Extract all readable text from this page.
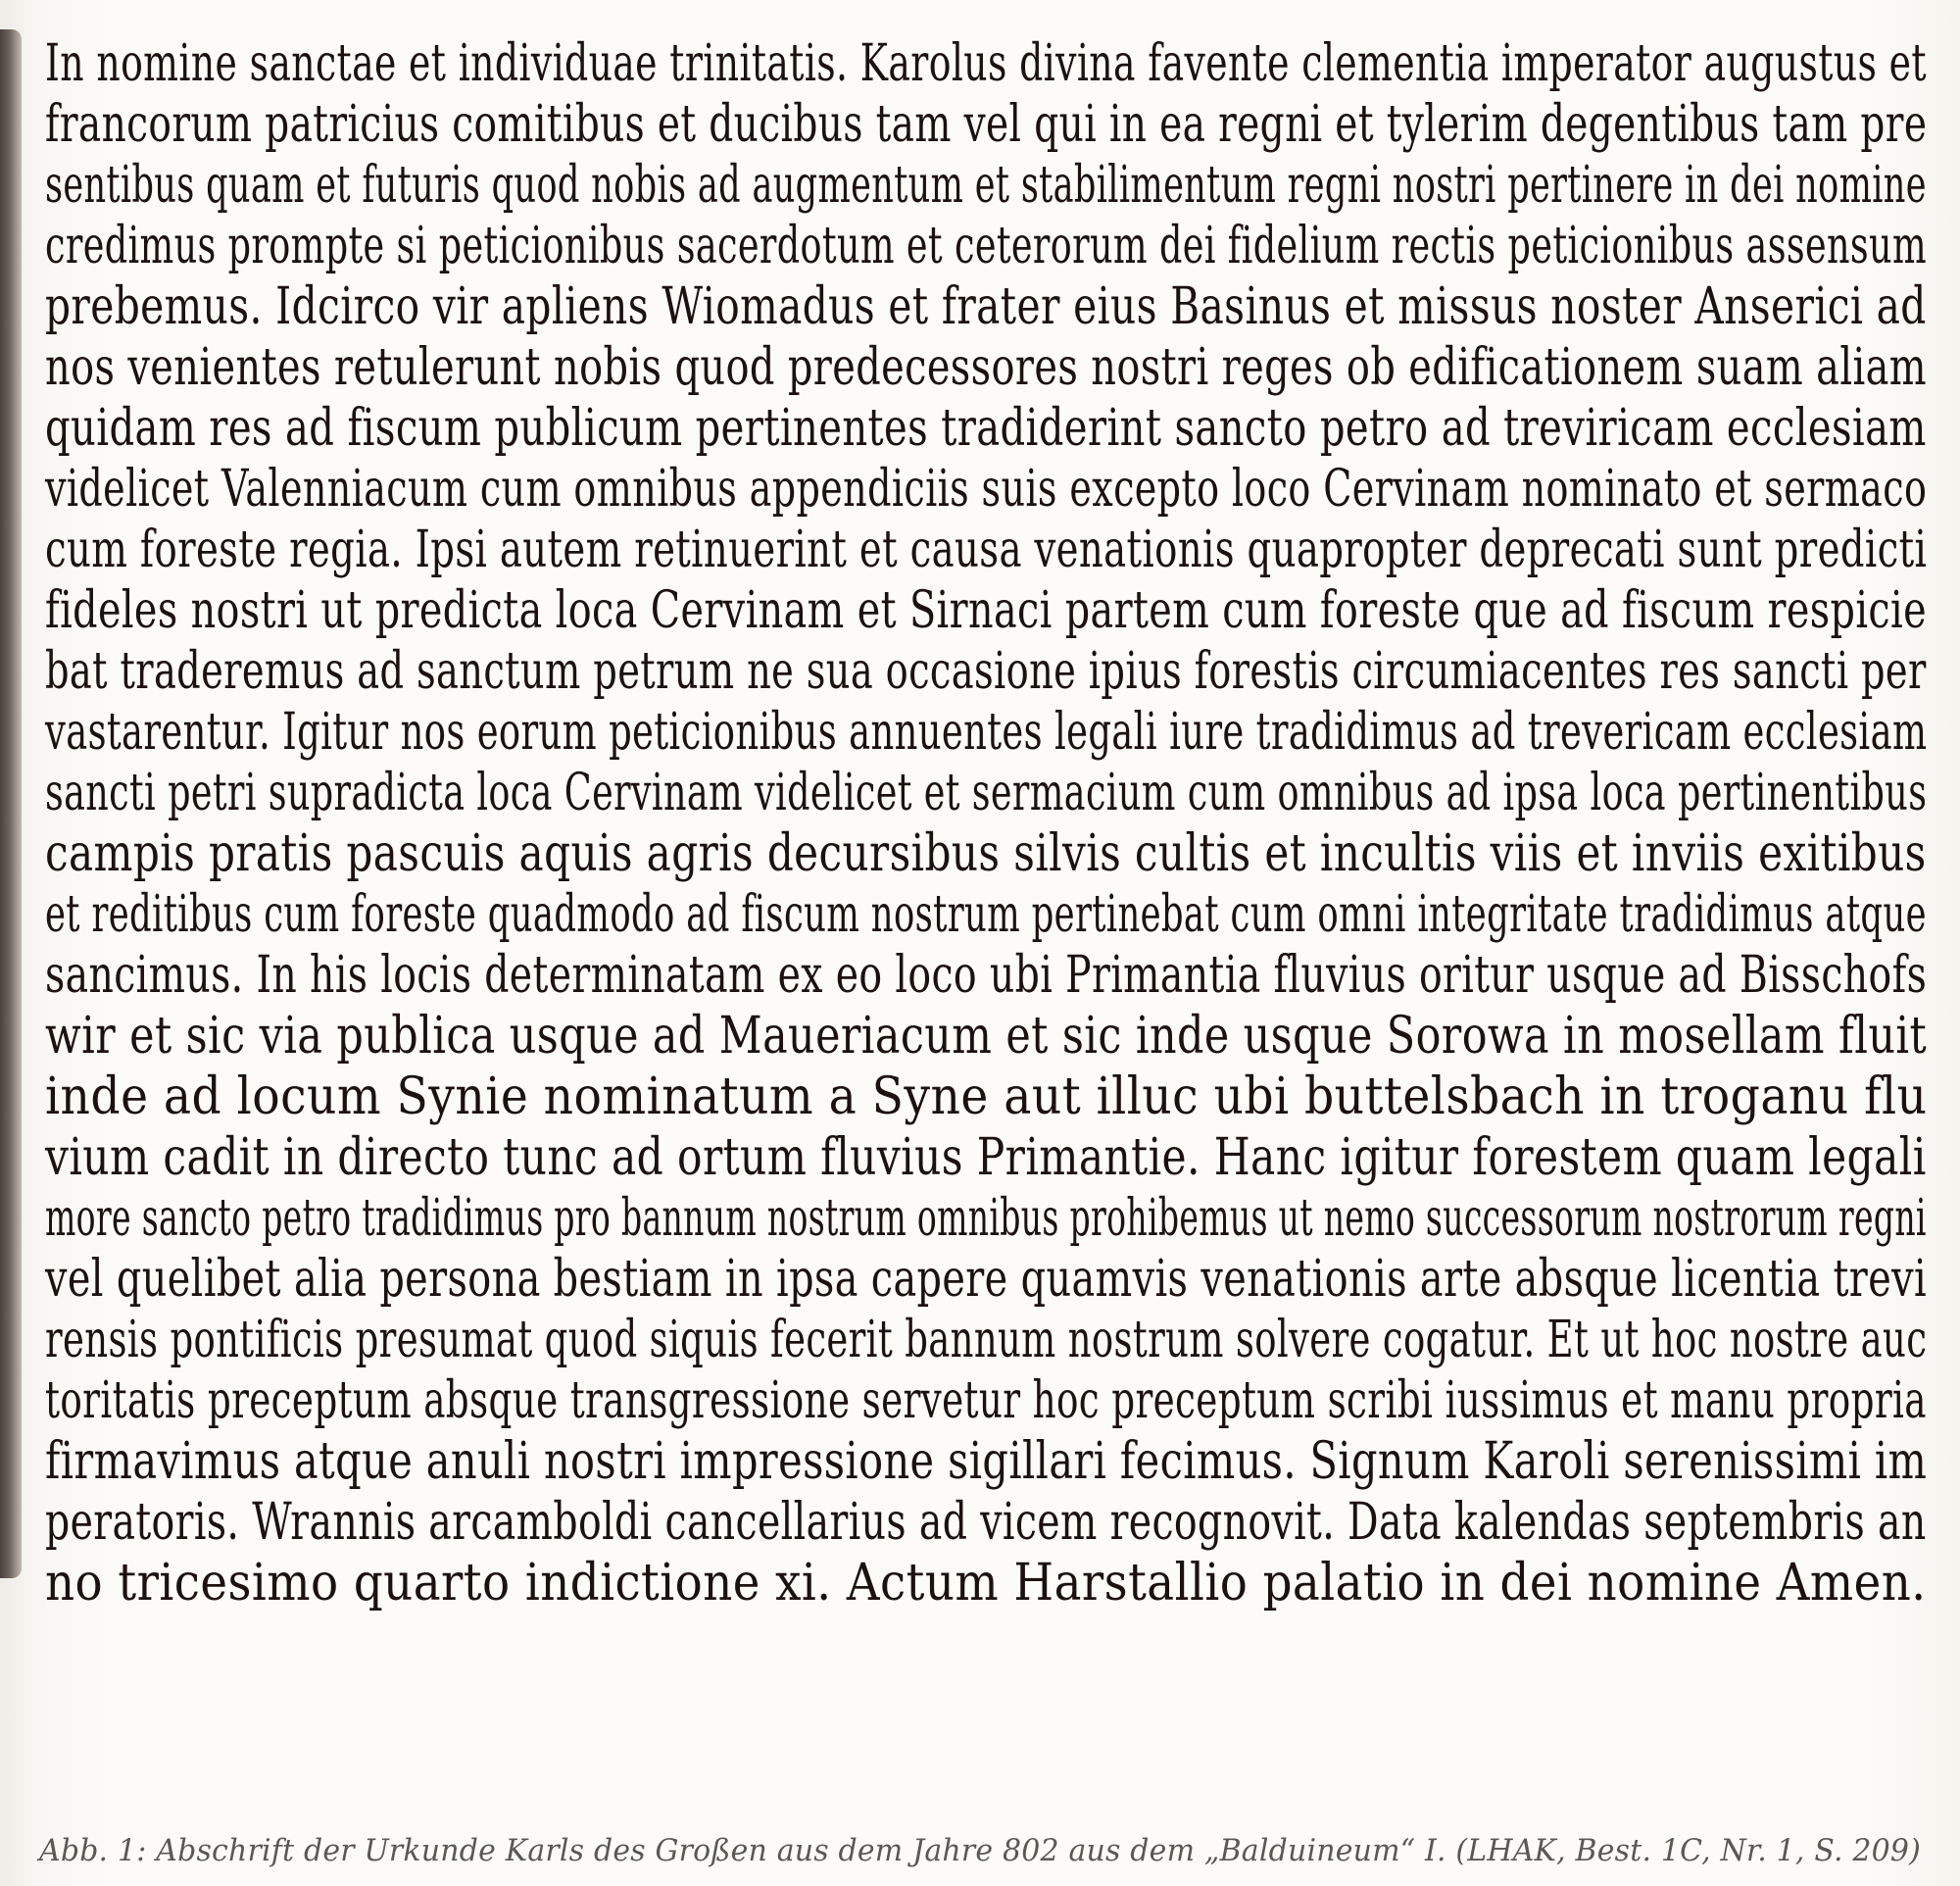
In nomine sanctae et individuae trinitatis. Karolus divina favente clementia imperator augustus et
francorum patricius comitibus et ducibus tam vel qui in ea regni et tylerim degentibus tam pre
sentibus quam et futuris quod nobis ad augmentum et stabilimentum regni nostri pertinere in dei nomine
credimus prompte si peticionibus sacerdotum et ceterorum dei fidelium rectis peticionibus assensum
prebemus. Idcirco vir apliens Wiomadus et frater eius Basinus et missus noster Anserici ad
nos venientes retulerunt nobis quod predecessores nostri reges ob edificationem suam aliam
quidam res ad fiscum publicum pertinentes tradiderint sancto petro ad treviricam ecclesiam
videlicet Valenniacum cum omnibus appendiciis suis excepto loco Cervinam nominato et sermaco
cum foreste regia. Ipsi autem retinuerint et causa venationis quapropter deprecati sunt predicti
fideles nostri ut predicta loca Cervinam et Sirnaci partem cum foreste que ad fiscum respicie
bat traderemus ad sanctum petrum ne sua occasione ipius forestis circumiacentes res sancti per
vastarentur. Igitur nos eorum peticionibus annuentes legali iure tradidimus ad trevericam ecclesiam
sancti petri supradicta loca Cervinam videlicet et sermacium cum omnibus ad ipsa loca pertinentibus
campis pratis pascuis aquis agris decursibus silvis cultis et incultis viis et inviis exitibus
et reditibus cum foreste quadmodo ad fiscum nostrum pertinebat cum omni integritate tradidimus atque
sancimus. In his locis determinatam ex eo loco ubi Primantia fluvius oritur usque ad Bisschofs
wir et sic via publica usque ad Maueriacum et sic inde usque Sorowa in mosellam fluit
inde ad locum Synie nominatum a Syne aut illuc ubi buttelsbach in troganu flu
vium cadit in directo tunc ad ortum fluvius Primantie. Hanc igitur forestem quam legali
more sancto petro tradidimus pro bannum nostrum omnibus prohibemus ut nemo successorum nostrorum regni
vel quelibet alia persona bestiam in ipsa capere quamvis venationis arte absque licentia trevi
rensis pontificis presumat quod siquis fecerit bannum nostrum solvere cogatur. Et ut hoc nostre auc
toritatis preceptum absque transgressione servetur hoc preceptum scribi iussimus et manu propria
firmavimus atque anuli nostri impressione sigillari fecimus. Signum Karoli serenissimi im
peratoris. Wrannis arcamboldi cancellarius ad vicem recognovit. Data kalendas septembris an
no tricesimo quarto indictione xi. Actum Harstallio palatio in dei nomine Amen.
Abb. 1: Abschrift der Urkunde Karls des Großen aus dem Jahre 802 aus dem „Balduineum“ I. (LHAK, Best. 1C, Nr. 1, S. 209)
